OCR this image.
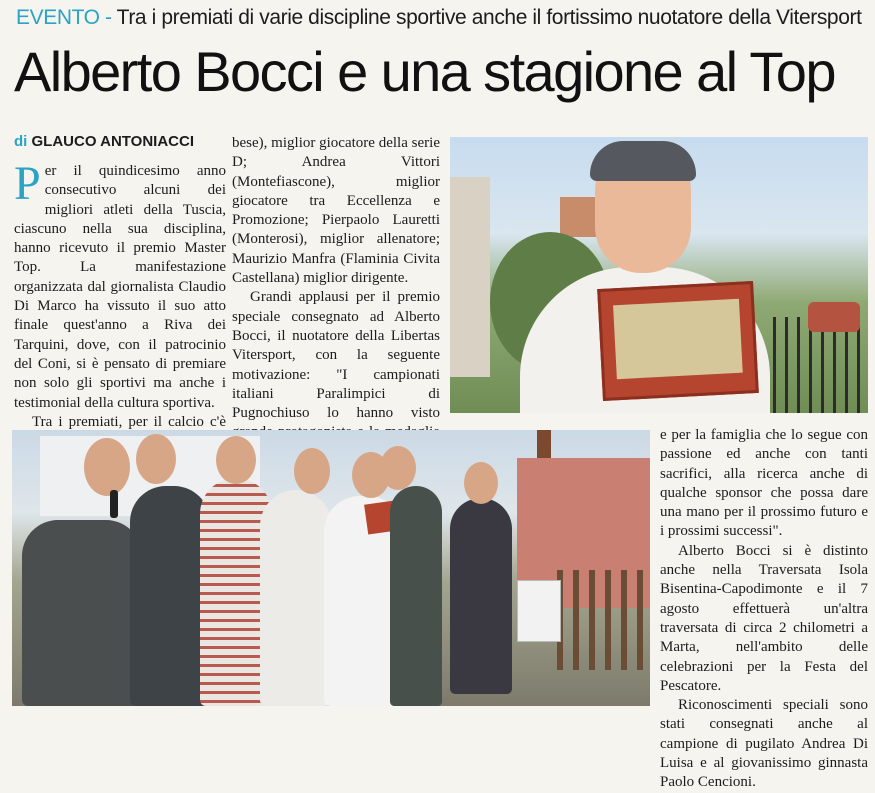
EVENTO - Tra i premiati di varie discipline sportive anche il fortissimo nuotatore della Vitersport
Alberto Bocci e una stagione al Top
di GLAUCO ANTONIACCI

Per il quindicesimo anno consecutivo alcuni dei migliori atleti della Tuscia, ciascuno nella sua disciplina, hanno ricevuto il premio Master Top. La manifestazione organizzata dal giornalista Claudio Di Marco ha vissuto il suo atto finale quest'anno a Riva dei Tarquini, dove, con il patrocinio del Coni, si è pensato di premiare non solo gli sportivi ma anche i testimonial della cultura sportiva.

Tra i premiati, per il calcio c'è

bese), miglior giocatore della serie D; Andrea Vittori (Montefiascone), miglior giocatore tra Eccellenza e Promozione; Pierpaolo Lauretti (Monterosi), miglior allenatore; Maurizio Manfra (Flaminia Civita Castellana) miglior dirigente.

Grandi applausi per il premio speciale consegnato ad Alberto Bocci, il nuotatore della Libertas Vitersport, con la seguente motivazione: "I campionati italiani Paralimpici di Pugnochiuso lo hanno visto

e per la famiglia che lo segue con passione ed anche con tanti sacrifici, alla ricerca anche di qualche sponsor che possa dare una mano per il prossimo futuro e i prossimi successi".

Alberto Bocci si è distinto anche nella Traversata Isola Bisentina-Capodimonte e il 7 agosto effettuerà un'altra traversata di circa 2 chilometri a Marta, nell'ambito delle celebrazioni per la Festa del Pescatore.

Riconoscimenti speciali sono stati consegnati anche al campione di pugilato Andrea Di Luisa e al giovanissimo ginnasta Paolo Cencioni.
